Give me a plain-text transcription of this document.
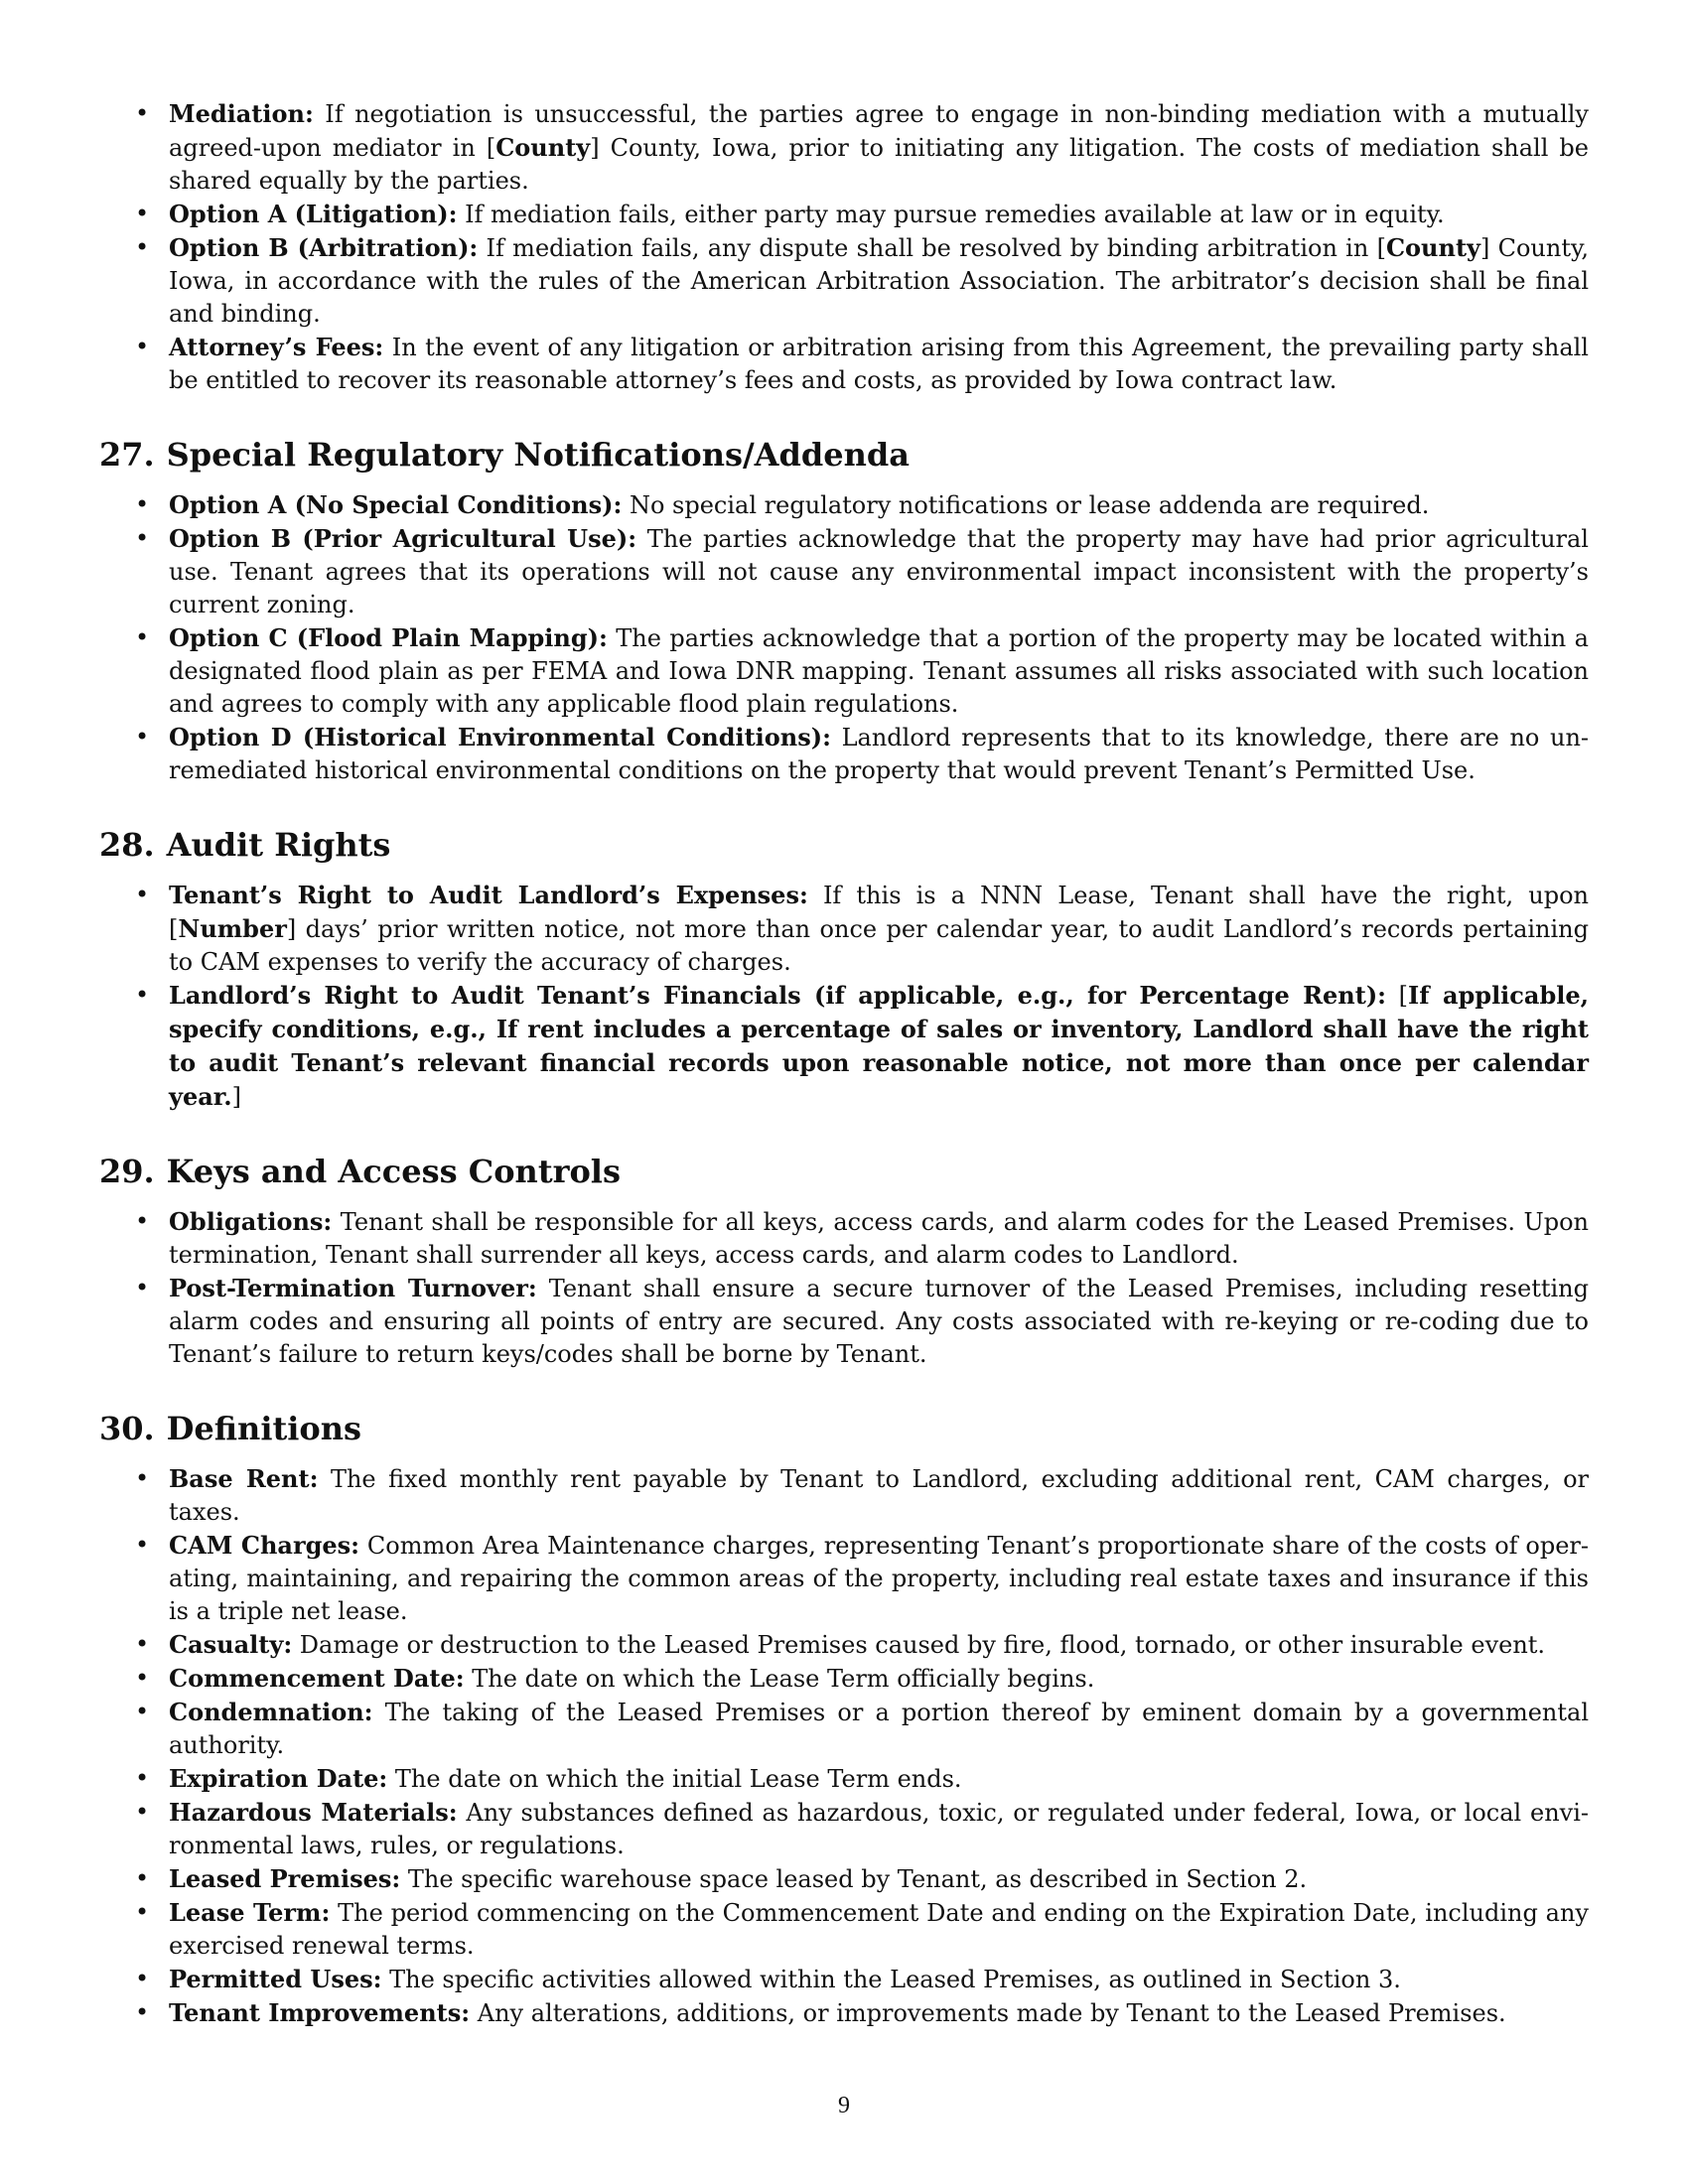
• Mediation: If negotiation is unsuccessful, the parties agree to engage in non-binding mediation with a mutually agreed-upon mediator in [County] County, Iowa, prior to initiating any litigation. The costs of mediation shall be shared equally by the parties.
• Option A (Litigation): If mediation fails, either party may pursue remedies available at law or in equity.
• Option B (Arbitration): If mediation fails, any dispute shall be resolved by binding arbitration in [County] County, Iowa, in accordance with the rules of the American Arbitration Association. The arbitrator’s decision shall be final and binding.
• Attorney’s Fees: In the event of any litigation or arbitration arising from this Agreement, the prevailing party shall be entitled to recover its reasonable attorney’s fees and costs, as provided by Iowa contract law.
27. Special Regulatory Notifications/Addenda
• Option A (No Special Conditions): No special regulatory notifications or lease addenda are required.
• Option B (Prior Agricultural Use): The parties acknowledge that the property may have had prior agricultural use. Tenant agrees that its operations will not cause any environmental impact inconsistent with the property’s current zoning.
• Option C (Flood Plain Mapping): The parties acknowledge that a portion of the property may be located within a designated flood plain as per FEMA and Iowa DNR mapping. Tenant assumes all risks associated with such location and agrees to comply with any applicable flood plain regulations.
• Option D (Historical Environmental Conditions): Landlord represents that to its knowledge, there are no un-remediated historical environmental conditions on the property that would prevent Tenant’s Permitted Use.
28. Audit Rights
• Tenant’s Right to Audit Landlord’s Expenses: If this is a NNN Lease, Tenant shall have the right, upon [Number] days’ prior written notice, not more than once per calendar year, to audit Landlord’s records pertaining to CAM expenses to verify the accuracy of charges.
• Landlord’s Right to Audit Tenant’s Financials (if applicable, e.g., for Percentage Rent): [If applicable, specify conditions, e.g., If rent includes a percentage of sales or inventory, Landlord shall have the right to audit Tenant’s relevant financial records upon reasonable notice, not more than once per calendar year.]
29. Keys and Access Controls
• Obligations: Tenant shall be responsible for all keys, access cards, and alarm codes for the Leased Premises. Upon termination, Tenant shall surrender all keys, access cards, and alarm codes to Landlord.
• Post-Termination Turnover: Tenant shall ensure a secure turnover of the Leased Premises, including resetting alarm codes and ensuring all points of entry are secured. Any costs associated with re-keying or re-coding due to Tenant’s failure to return keys/codes shall be borne by Tenant.
30. Definitions
• Base Rent: The fixed monthly rent payable by Tenant to Landlord, excluding additional rent, CAM charges, or taxes.
• CAM Charges: Common Area Maintenance charges, representing Tenant’s proportionate share of the costs of operating, maintaining, and repairing the common areas of the property, including real estate taxes and insurance if this is a triple net lease.
• Casualty: Damage or destruction to the Leased Premises caused by fire, flood, tornado, or other insurable event.
• Commencement Date: The date on which the Lease Term officially begins.
• Condemnation: The taking of the Leased Premises or a portion thereof by eminent domain by a governmental authority.
• Expiration Date: The date on which the initial Lease Term ends.
• Hazardous Materials: Any substances defined as hazardous, toxic, or regulated under federal, Iowa, or local environmental laws, rules, or regulations.
• Leased Premises: The specific warehouse space leased by Tenant, as described in Section 2.
• Lease Term: The period commencing on the Commencement Date and ending on the Expiration Date, including any exercised renewal terms.
• Permitted Uses: The specific activities allowed within the Leased Premises, as outlined in Section 3.
• Tenant Improvements: Any alterations, additions, or improvements made by Tenant to the Leased Premises.
9
